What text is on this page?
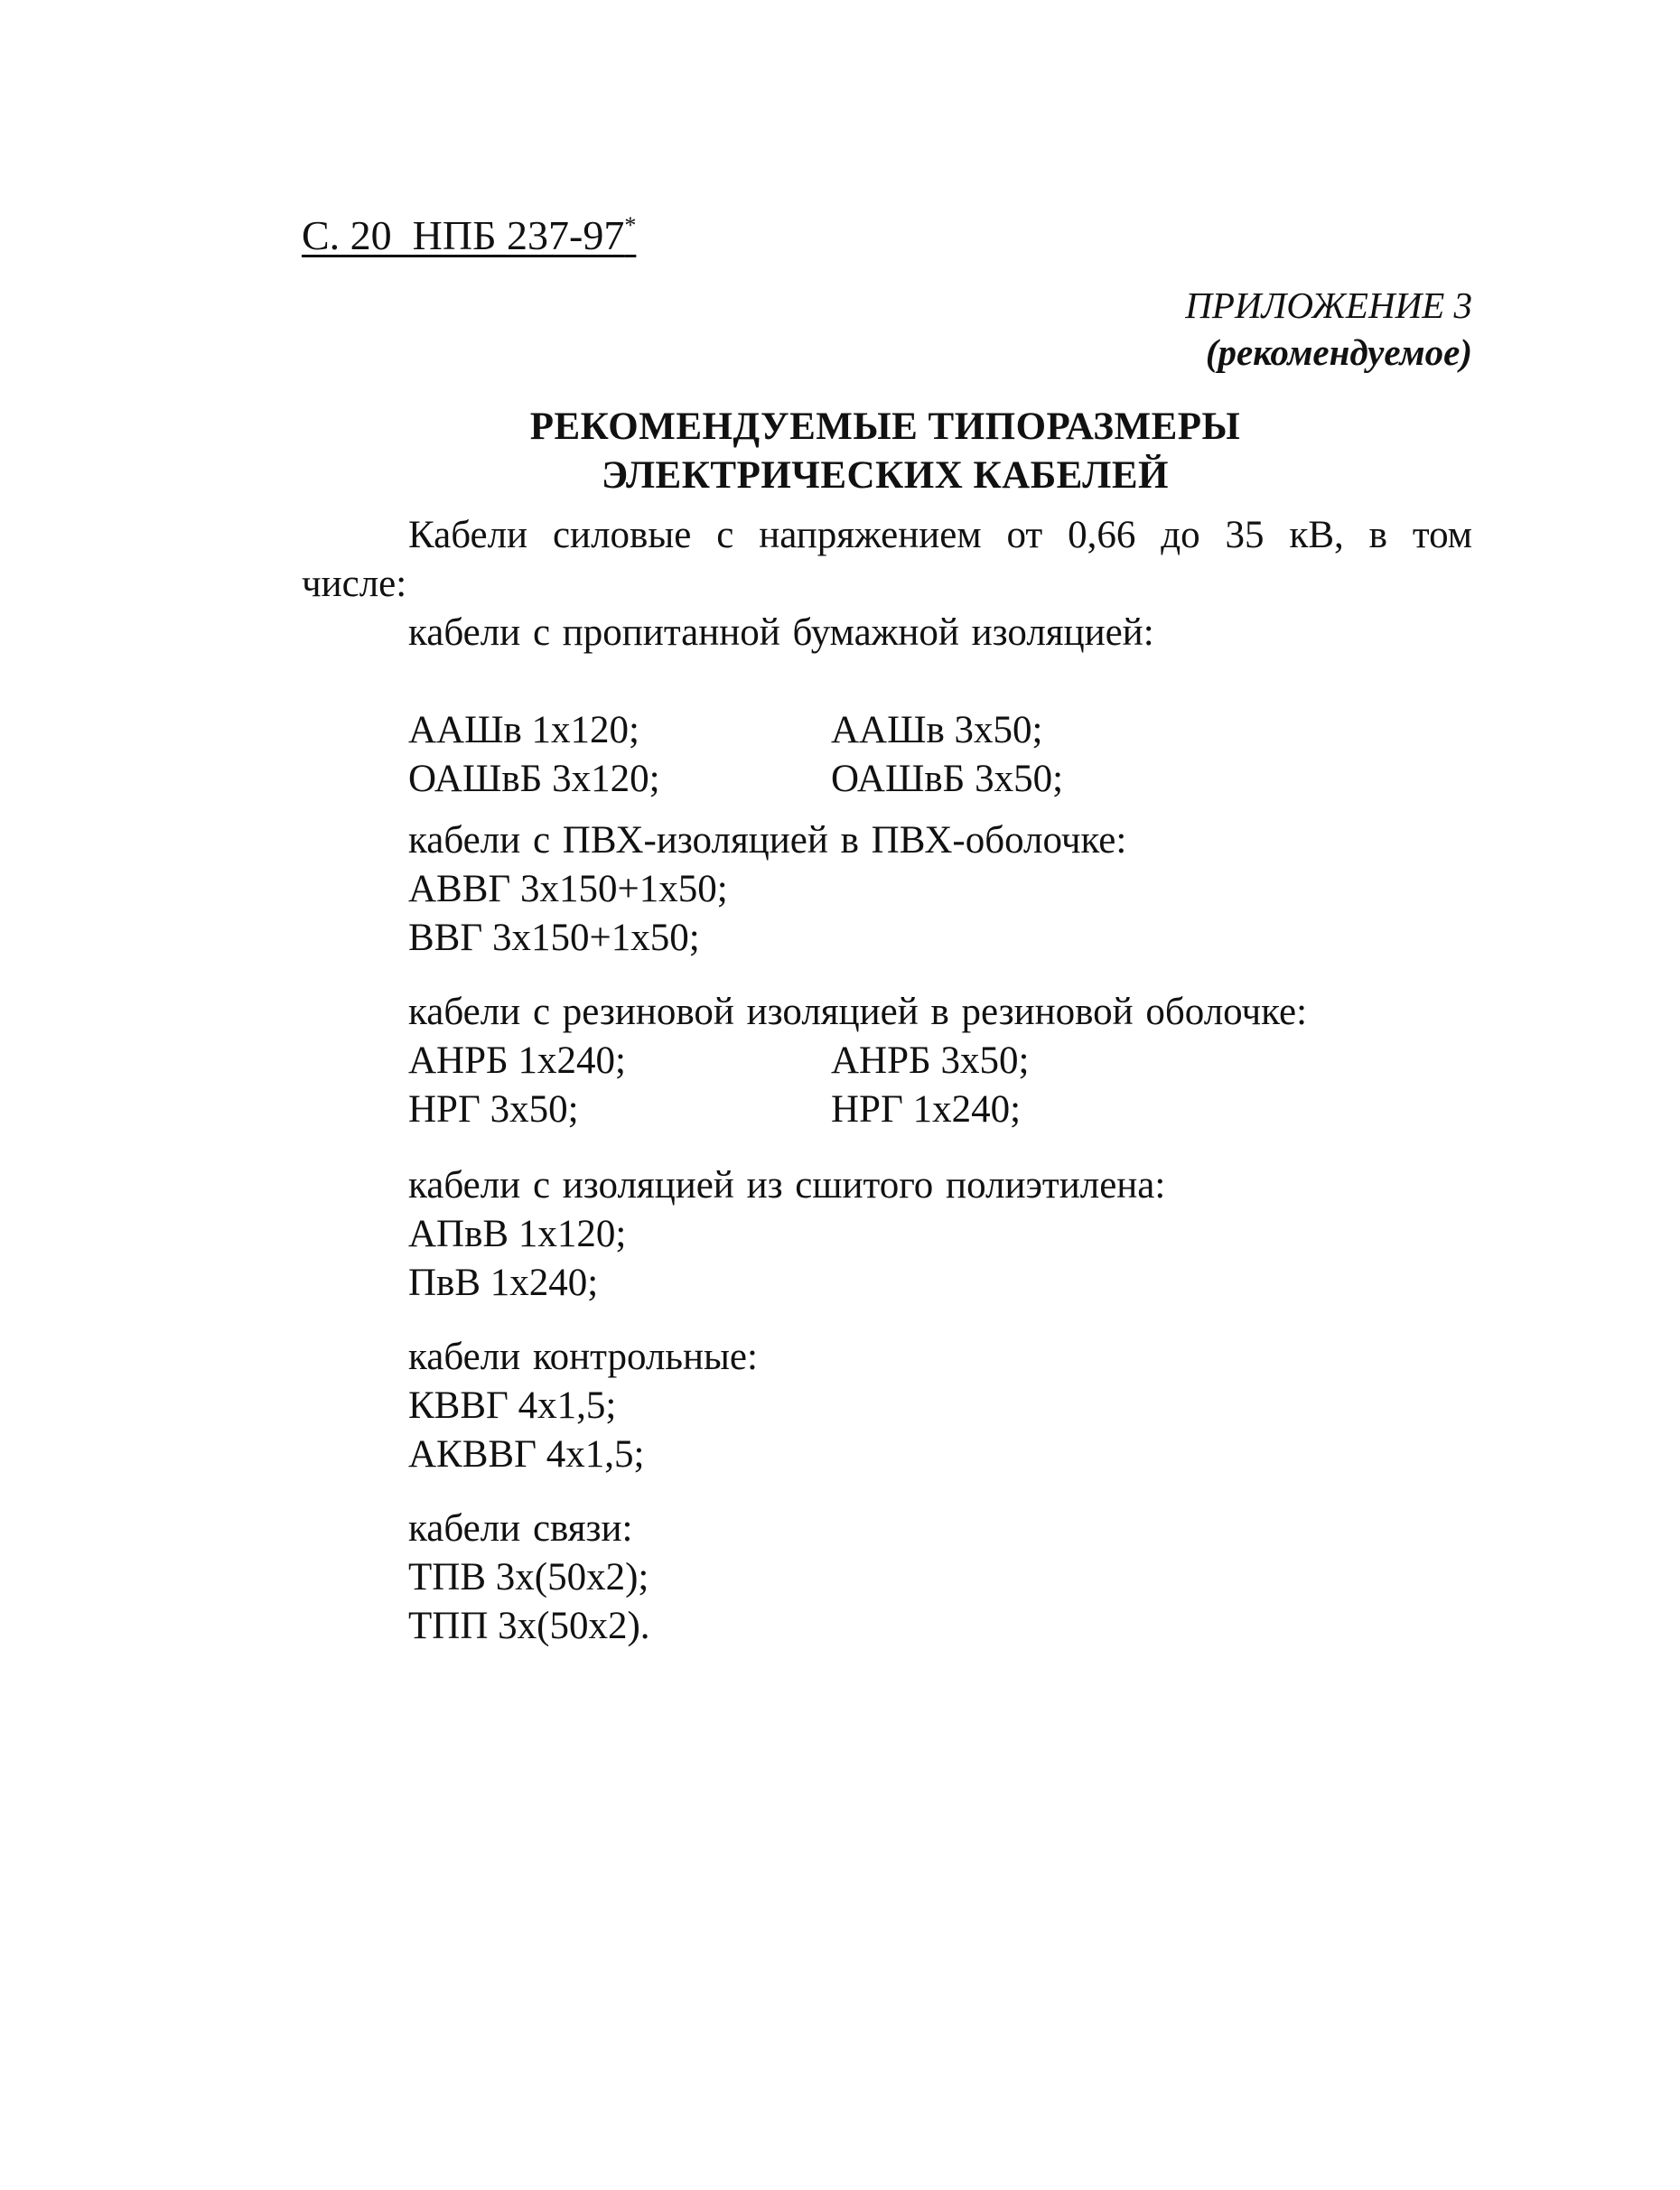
С. 20  НПБ 237-97*
ПРИЛОЖЕНИЕ 3
(рекомендуемое)
РЕКОМЕНДУЕМЫЕ ТИПОРАЗМЕРЫ
ЭЛЕКТРИЧЕСКИХ КАБЕЛЕЙ
Кабели силовые с напряжением от 0,66 до 35 кВ, в том числе:
кабели с пропитанной бумажной изоляцией:
ААШв 1х120;	ААШв 3х50;
ОАШвБ 3х120;	ОАШвБ 3х50;
кабели с ПВХ-изоляцией в ПВХ-оболочке:
АВВГ 3х150+1х50;
ВВГ 3х150+1х50;
кабели с резиновой изоляцией в резиновой оболочке:
АНРБ 1х240;	АНРБ 3х50;
НРГ 3х50;	НРГ 1х240;
кабели с изоляцией из сшитого полиэтилена:
АПвВ 1х120;
ПвВ 1х240;
кабели контрольные:
КВВГ 4х1,5;
АКВВГ 4х1,5;
кабели связи:
ТПВ 3х(50х2);
ТПП 3х(50х2).
